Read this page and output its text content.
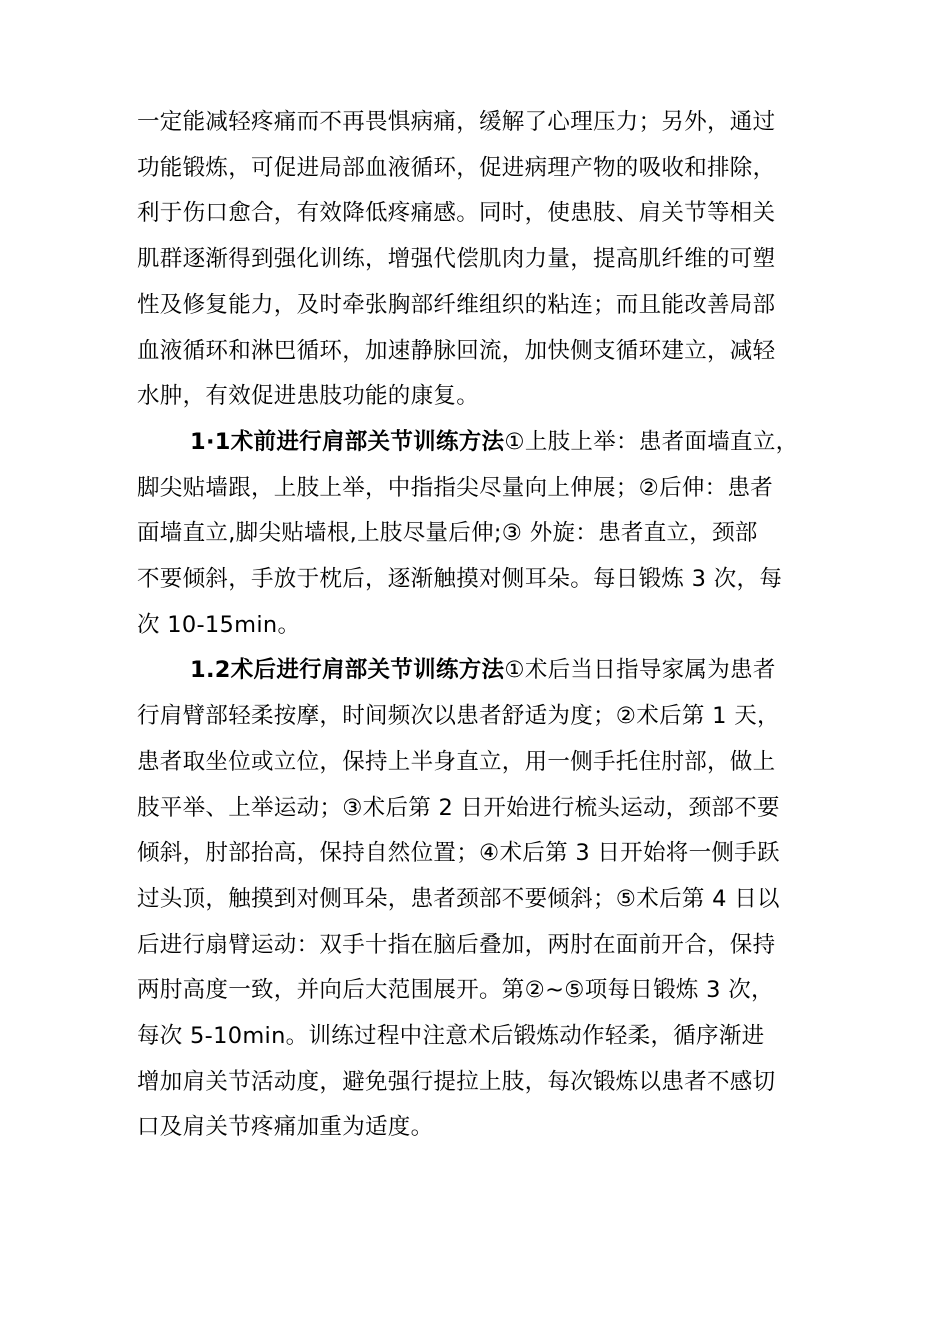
一定能减轻疼痛而不再畏惧病痛，缓解了心理压力；另外，通过
功能锻炼，可促进局部血液循环，促进病理产物的吸收和排除，
利于伤口愈合，有效降低疼痛感。同时，使患肢、肩关节等相关
肌群逐渐得到强化训练，增强代偿肌肉力量，提高肌纤维的可塑
性及修复能力，及时牵张胸部纤维组织的粘连；而且能改善局部
血液循环和淋巴循环，加速静脉回流，加快侧支循环建立，减轻
水肿，有效促进患肢功能的康复。

1·1术前进行肩部关节训练方法①上肢上举：患者面墙直立，
脚尖贴墙跟，上肢上举，中指指尖尽量向上伸展；②后伸：患者
面墙直立,脚尖贴墙根,上肢尽量后伸;③ 外旋：患者直立，颈部
不要倾斜，手放于枕后，逐渐触摸对侧耳朵。每日锻炼 3 次，每
次 10-15min。

1.2术后进行肩部关节训练方法①术后当日指导家属为患者
行肩臂部轻柔按摩，时间频次以患者舒适为度；②术后第 1 天，
患者取坐位或立位，保持上半身直立，用一侧手托住肘部，做上
肢平举、上举运动；③术后第 2 日开始进行梳头运动，颈部不要
倾斜，肘部抬高，保持自然位置；④术后第 3 日开始将一侧手跃
过头顶，触摸到对侧耳朵，患者颈部不要倾斜；⑤术后第 4 日以
后进行扇臂运动：双手十指在脑后叠加，两肘在面前开合，保持
两肘高度一致，并向后大范围展开。第②~⑤项每日锻炼 3 次，
每次 5-10min。训练过程中注意术后锻炼动作轻柔，循序渐进
增加肩关节活动度，避免强行提拉上肢，每次锻炼以患者不感切
口及肩关节疼痛加重为适度。
